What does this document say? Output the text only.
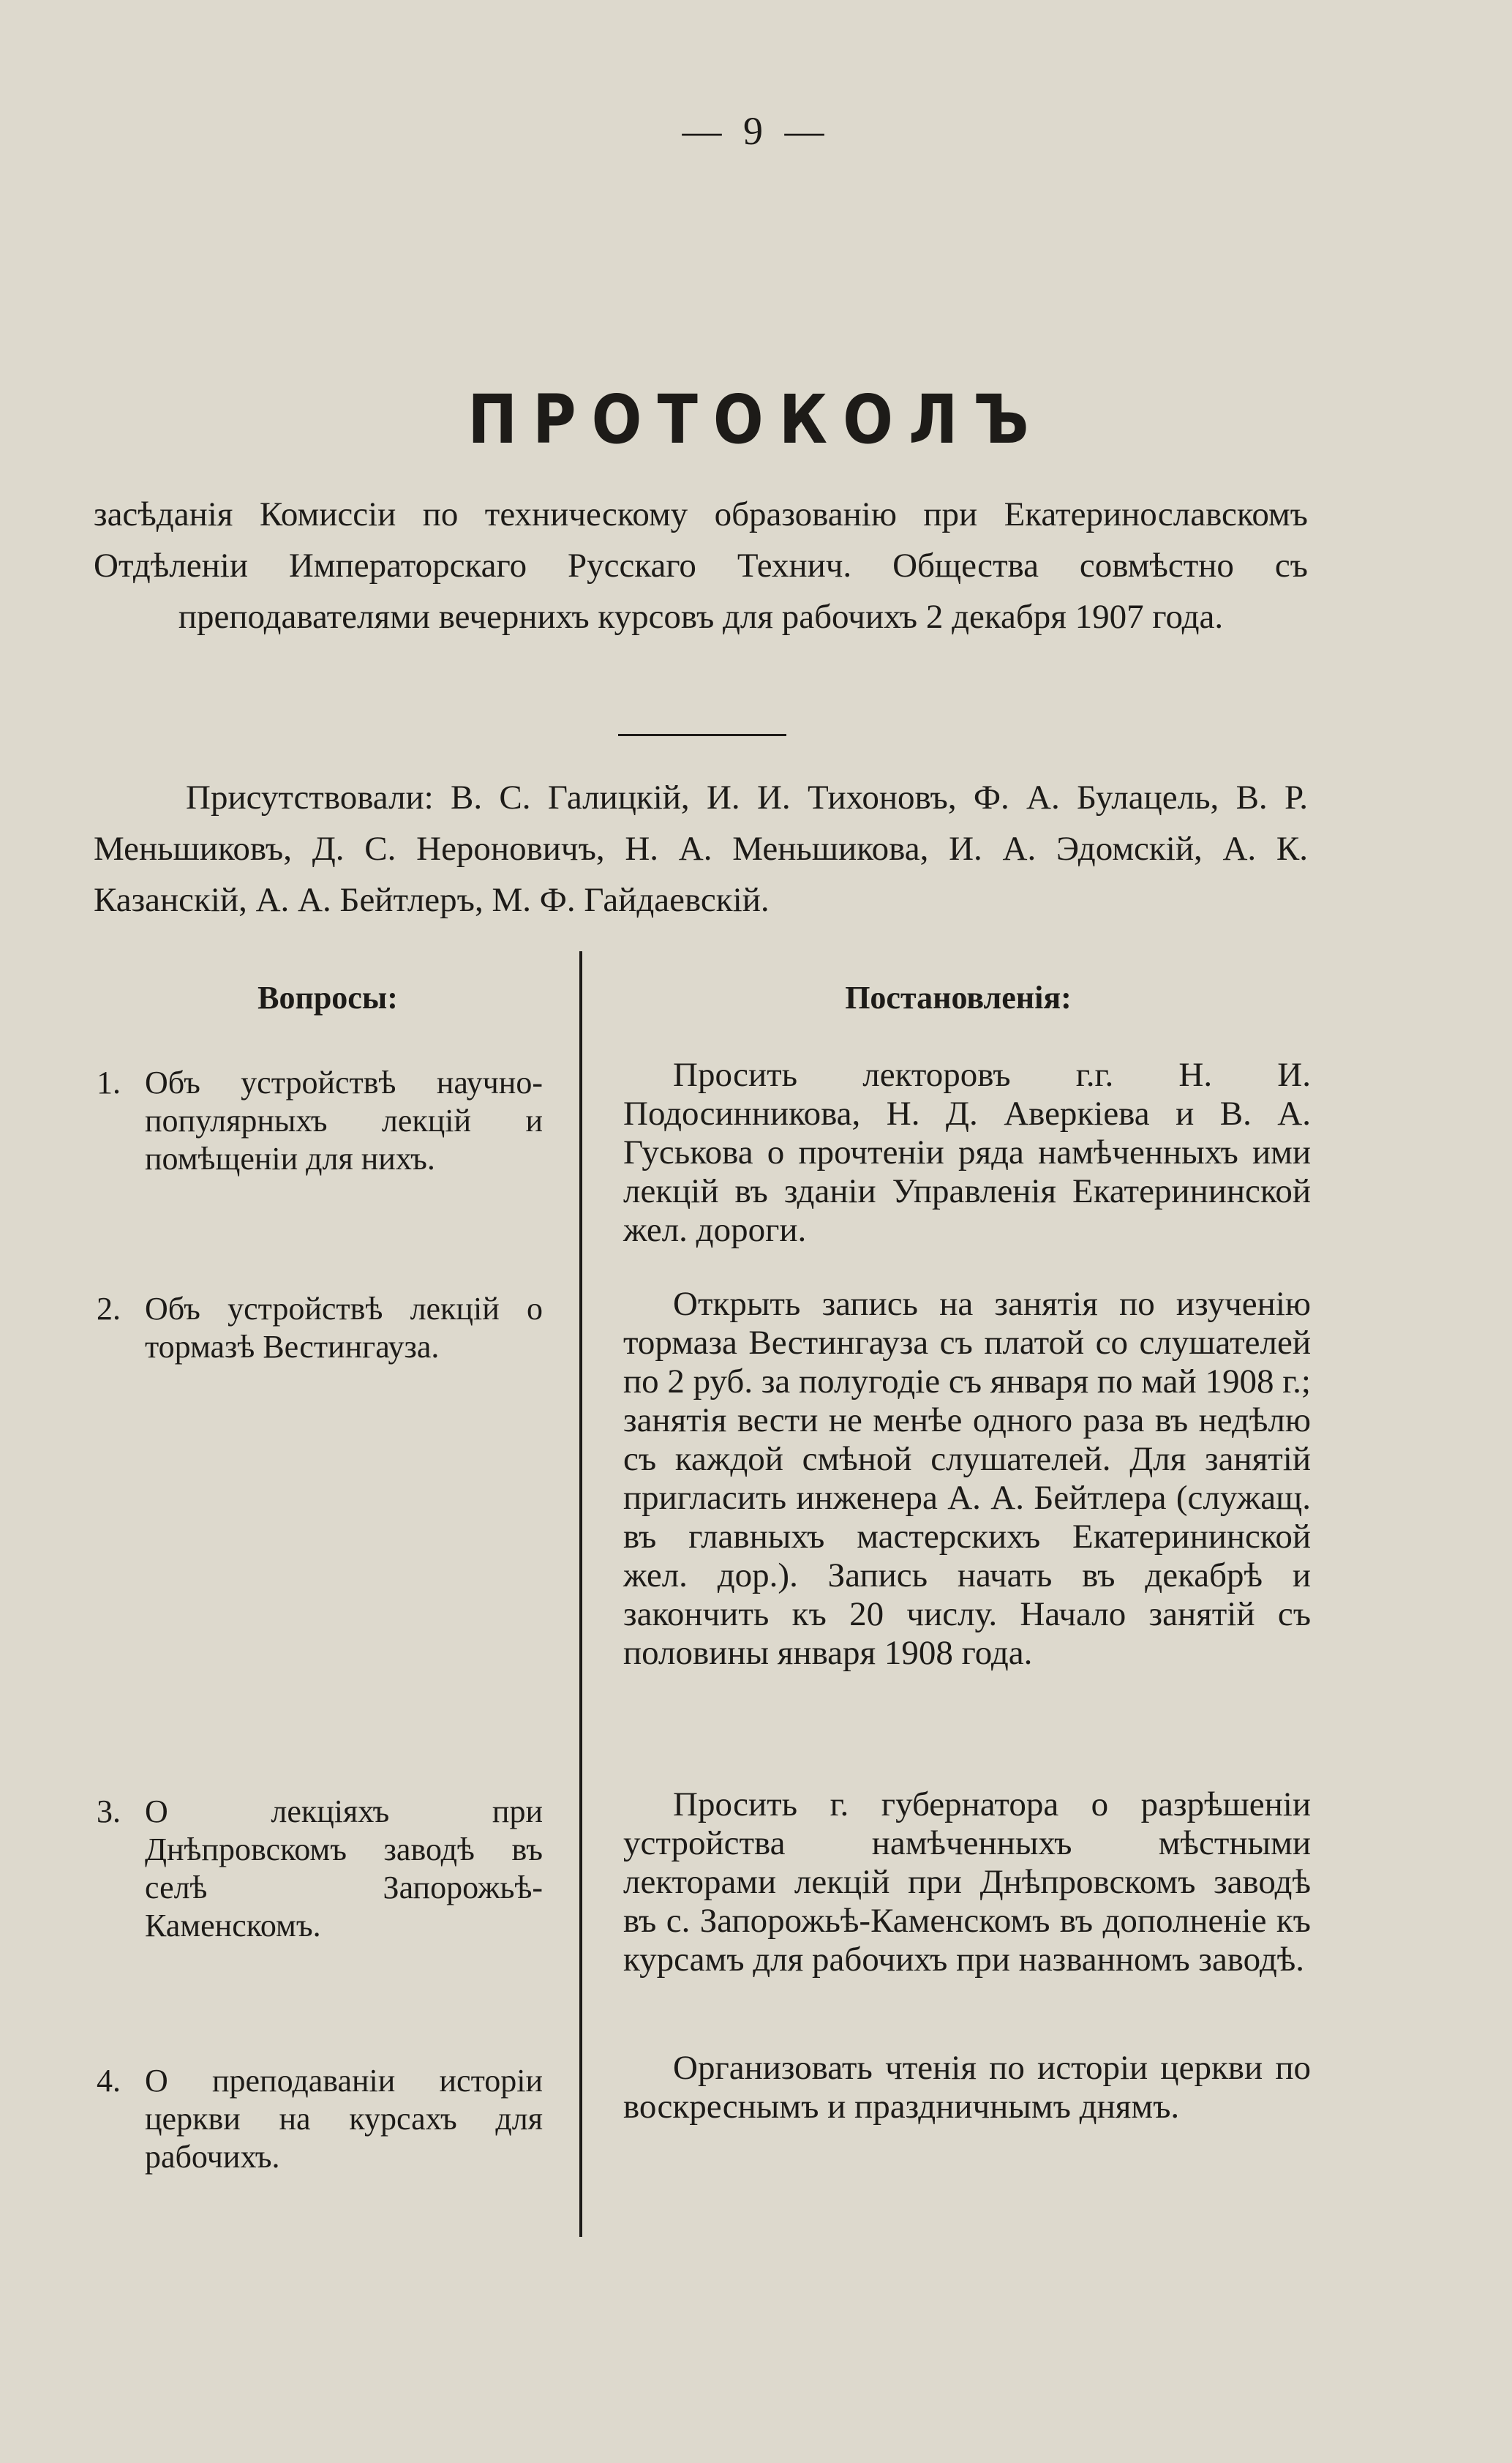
— 9 —
ПРОТОКОЛЪ
засѣданія Комиссіи по техническому образованію при Екатеринославскомъ Отдѣленіи Императорскаго Русскаго Технич. Общества совмѣстно съ преподавателями вечернихъ курсовъ для рабочихъ 2 декабря 1907 года.
Присутствовали: В. С. Галицкій, И. И. Тихоновъ, Ф. А. Булацель, В. Р. Меньшиковъ, Д. С. Нероновичъ, Н. А. Меньшикова, И. А. Эдомскій, А. К. Казанскій, А. А. Бейтлеръ, М. Ф. Гайдаевскій.
Вопросы:	Постановленія:
1. Объ устройствѣ научно-популярныхъ лекцій и помѣщеніи для нихъ.
Просить лекторовъ г.г. Н. И. Подосинникова, Н. Д. Аверкіева и В. А. Гуськова о прочтеніи ряда намѣченныхъ ими лекцій въ зданіи Управленія Екатерининской жел. дороги.
2. Объ устройствѣ лекцій о тормазѣ Вестингауза.
Открыть запись на занятія по изученію тормаза Вестингауза съ платой со слушателей по 2 руб. за полугодіе съ января по май 1908 г.; занятія вести не менѣе одного раза въ недѣлю съ каждой смѣной слушателей. Для занятій пригласить инженера А. А. Бейтлера (служащ. въ главныхъ мастерскихъ Екатерининской жел. дор.). Запись начать въ декабрѣ и закончить къ 20 числу. Начало занятій съ половины января 1908 года.
3. О лекціяхъ при Днѣпровскомъ заводѣ въ селѣ Запорожьѣ-Каменскомъ.
Просить г. губернатора о разрѣшеніи устройства намѣченныхъ мѣстными лекторами лекцій при Днѣпровскомъ заводѣ въ с. Запорожьѣ-Каменскомъ въ дополненіе къ курсамъ для рабочихъ при названномъ заводѣ.
4. О преподаваніи исторіи церкви на курсахъ для рабочихъ.
Организовать чтенія по исторіи церкви по воскреснымъ и праздничнымъ днямъ.
